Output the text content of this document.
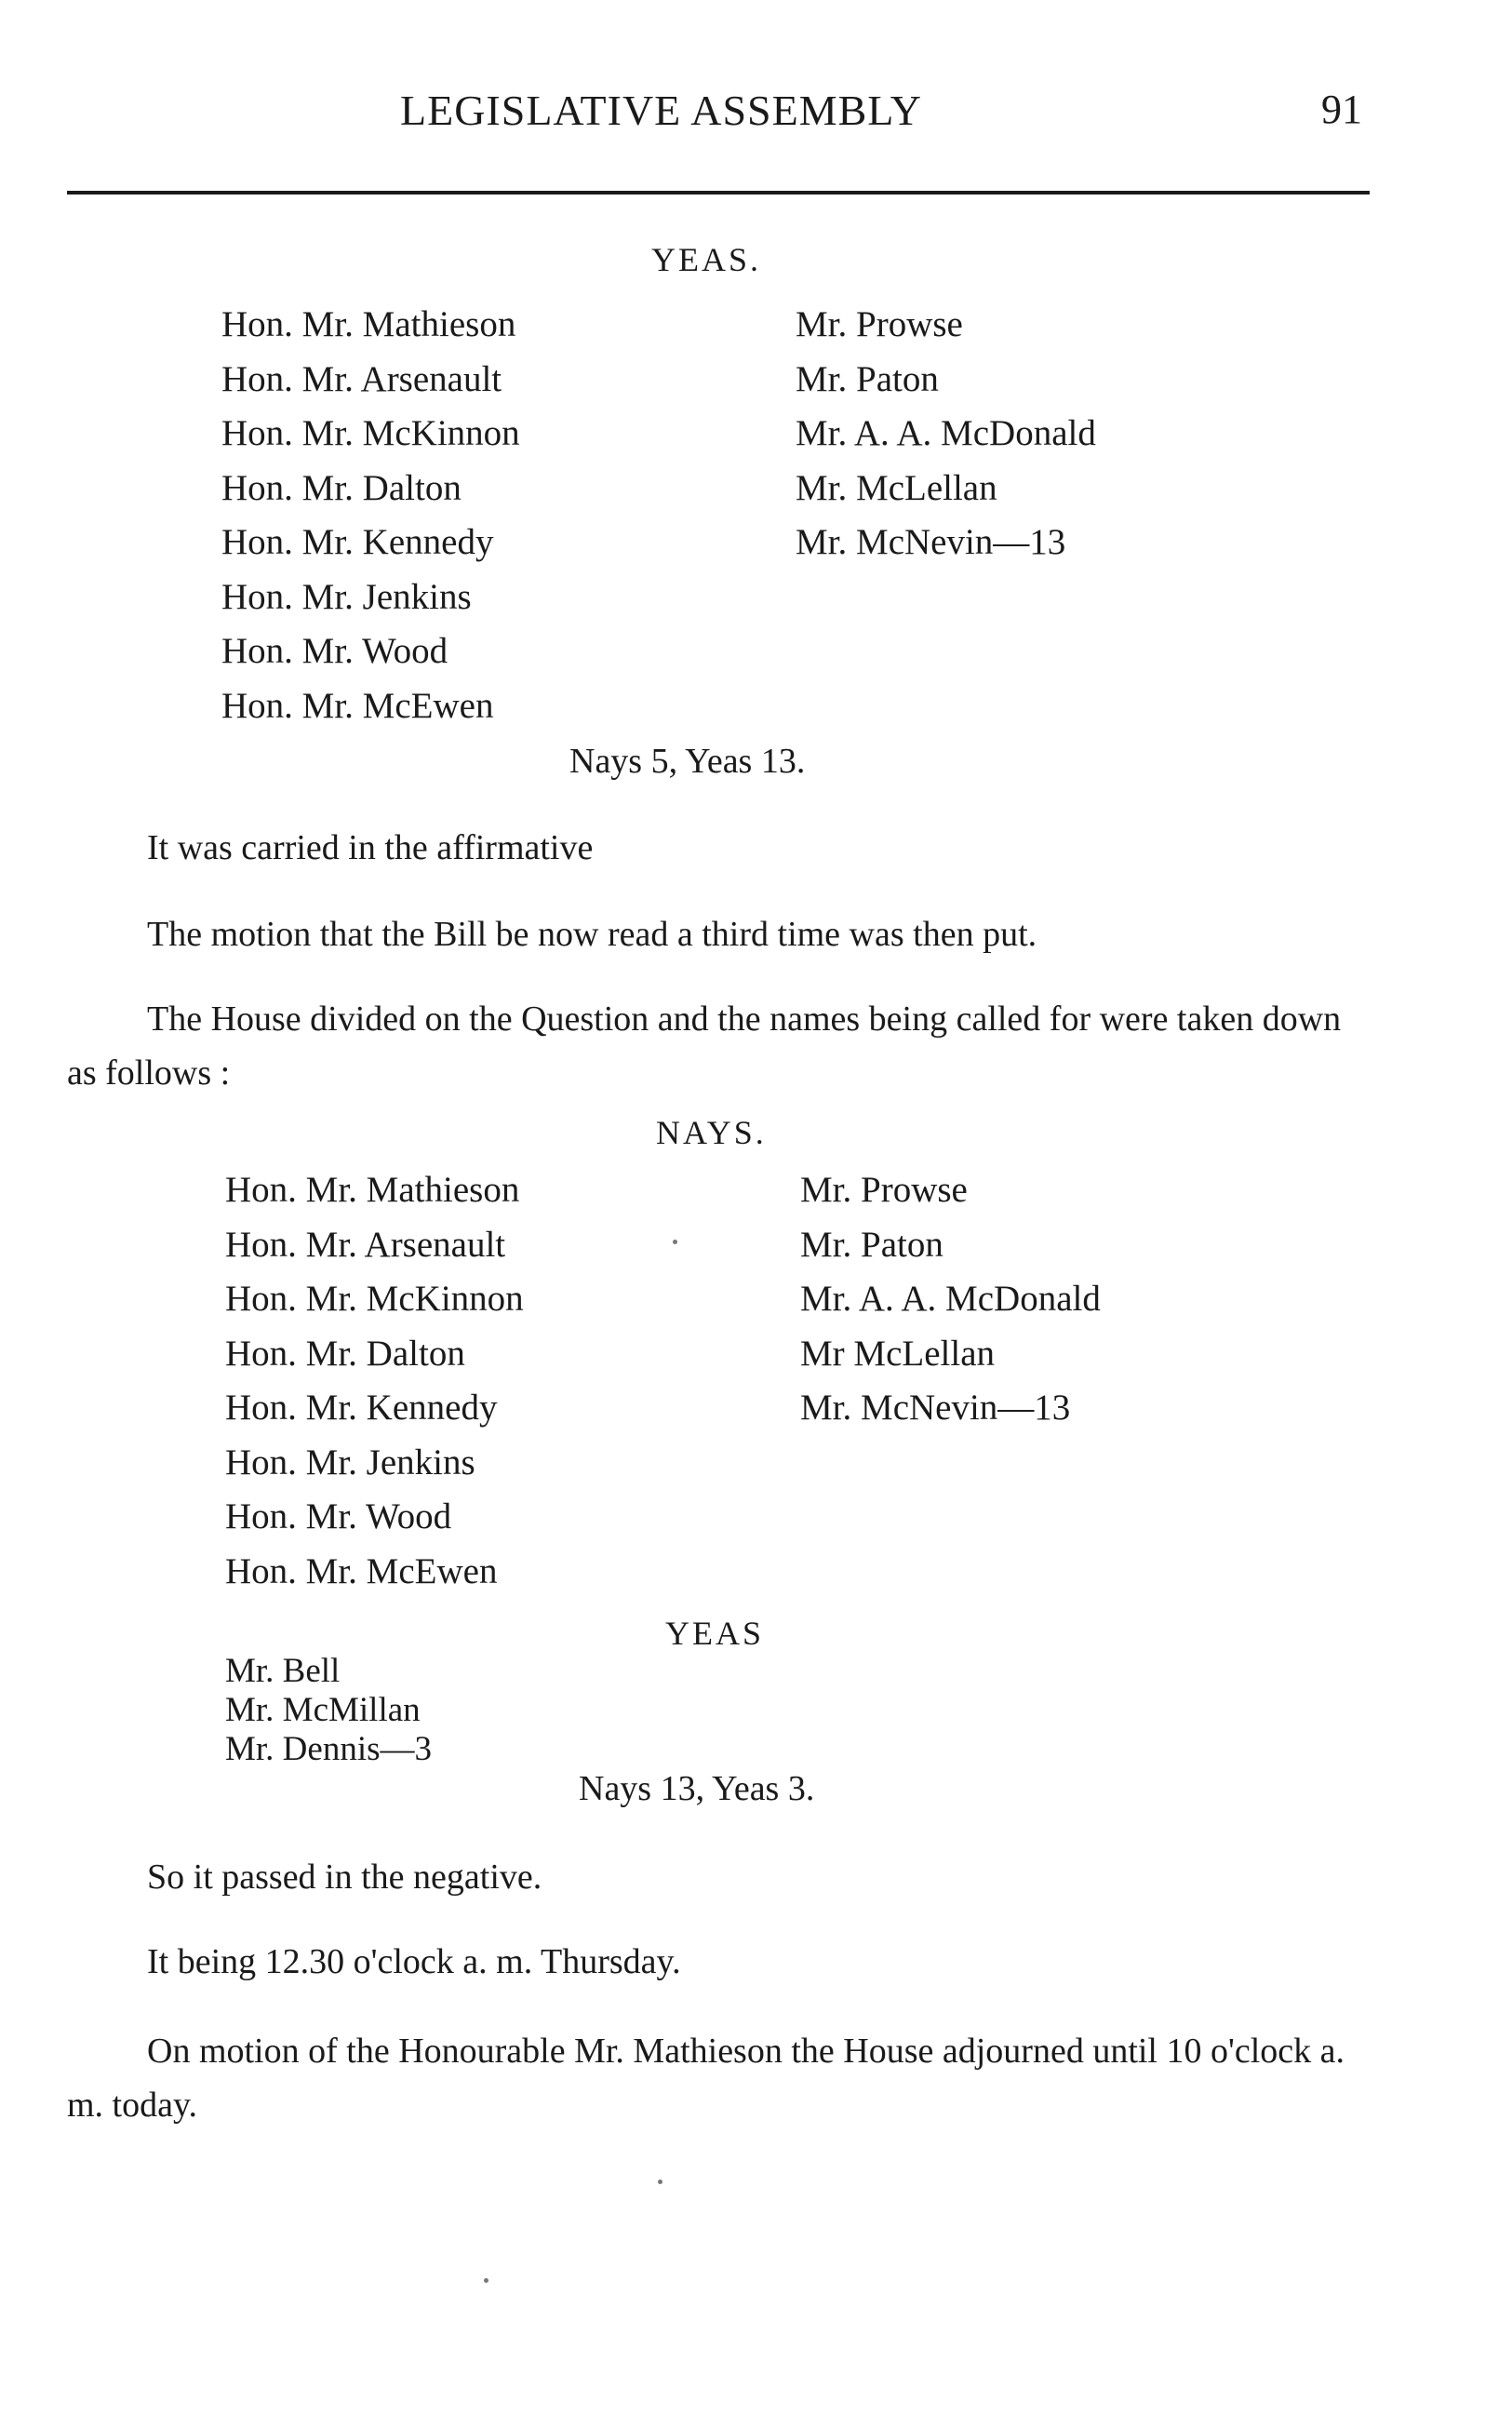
LEGISLATIVE ASSEMBLY	91
YEAS.
Hon. Mr. Mathieson
Hon. Mr. Arsenault
Hon. Mr. McKinnon
Hon. Mr. Dalton
Hon. Mr. Kennedy
Hon. Mr. Jenkins
Hon. Mr. Wood
Hon. Mr. McEwen
Mr. Prowse
Mr. Paton
Mr. A. A. McDonald
Mr. McLellan
Mr. McNevin—13
Nays 5, Yeas 13.
It was carried in the affirmative
The motion that the Bill be now read a third time was then put.
The House divided on the Question and the names being called for were taken down as follows :
NAYS.
Hon. Mr. Mathieson
Hon. Mr. Arsenault
Hon. Mr. McKinnon
Hon. Mr. Dalton
Hon. Mr. Kennedy
Hon. Mr. Jenkins
Hon. Mr. Wood
Hon. Mr. McEwen
Mr. Prowse
Mr. Paton
Mr. A. A. McDonald
Mr McLellan
Mr. McNevin—13
YEAS
Mr. Bell
Mr. McMillan
Mr. Dennis—3
Nays 13, Yeas 3.
So it passed in the negative.
It being 12.30 o'clock a. m. Thursday.
On motion of the Honourable Mr. Mathieson the House adjourned until 10 o'clock a. m. today.
